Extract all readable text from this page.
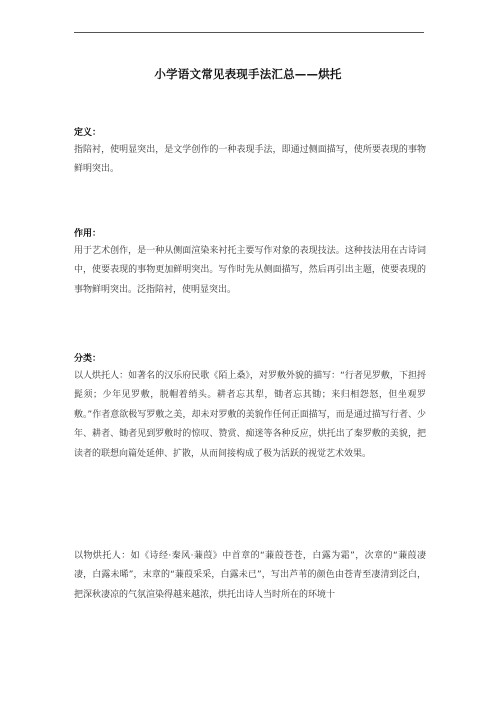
小学语文常见表现手法汇总——烘托
定义：

指陪衬，使明显突出，是文学创作的一种表现手法，即通过侧面描写，使所要表现的事物鲜明突出。

作用：

用于艺术创作，是一种从侧面渲染来衬托主要写作对象的表现技法。这种技法用在古诗词中，使要表现的事物更加鲜明突出。写作时先从侧面描写，然后再引出主题，使要表现的事物鲜明突出。泛指陪衬，使明显突出。

分类：

以人烘托人：如著名的汉乐府民歌《陌上桑》，对罗敷外貌的描写：“行者见罗敷，下担捋髭须；少年见罗敷，脱帽着绡头。耕者忘其犁，锄者忘其锄；来归相怨怒，但坐观罗敷。”作者意欲极写罗敷之美，却未对罗敷的美貌作任何正面描写，而是通过描写行者、少年、耕者、锄者见到罗敷时的惊叹、赞赏、痴迷等各种反应，烘托出了秦罗敷的美貌，把读者的联想向篇处延伸、扩散，从而间接构成了极为活跃的视觉艺术效果。

以物烘托人：如《诗经·秦风·蒹葭》中首章的“蒹葭苍苍，白露为霜”，次章的“蒹葭凄凄，白露未晞”，末章的“蒹葭采采，白露未已”，写出芦苇的颜色由苍青至凄清到泛白，把深秋凄凉的气氛渲染得越来越浓，烘托出诗人当时所在的环境十
